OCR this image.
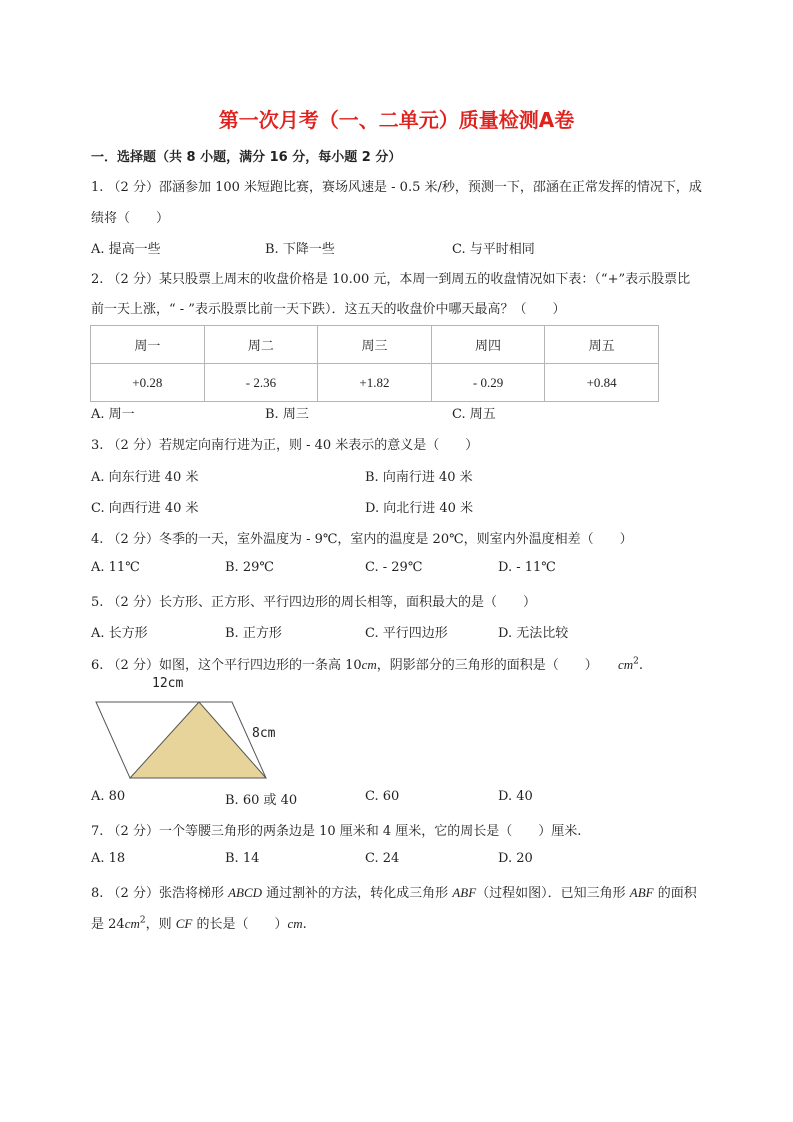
第一次月考（一、二单元）质量检测A卷
一．选择题（共 8 小题，满分 16 分，每小题 2 分）
1. （2 分）邵涵参加 100 米短跑比赛，赛场风速是 - 0.5 米/秒，预测一下，邵涵在正常发挥的情况下，成
绩将（　　）
A. 提高一些	B. 下降一些	C. 与平时相同
2. （2 分）某只股票上周末的收盘价格是 10.00 元，本周一到周五的收盘情况如下表：（“+”表示股票比
前一天上涨，“ - ”表示股票比前一天下跌）．这五天的收盘价中哪天最高？（　　）
周一	周二	周三	周四	周五
+0.28	- 2.36	+1.82	- 0.29	+0.84
A. 周一	B. 周三	C. 周五
3. （2 分）若规定向南行进为正，则 - 40 米表示的意义是（　　）
A. 向东行进 40 米	B. 向南行进 40 米
C. 向西行进 40 米	D. 向北行进 40 米
4. （2 分）冬季的一天，室外温度为 - 9℃，室内的温度是 20℃，则室内外温度相差（　　）
A. 11℃	B. 29℃	C. - 29℃	D. - 11℃
5. （2 分）长方形、正方形、平行四边形的周长相等，面积最大的是（　　）
A. 长方形	B. 正方形	C. 平行四边形	D. 无法比较
6. （2 分）如图，这个平行四边形的一条高 10cm，阴影部分的三角形的面积是（　　） $cm^2$.
12cm
8cm
A. 80	B. 60 或 40	C. 60	D. 40
7. （2 分）一个等腰三角形的两条边是 10 厘米和 4 厘米，它的周长是（　　）厘米.
A. 18	B. 14	C. 24	D. 20
8. （2 分）张浩将梯形 ABCD 通过割补的方法，转化成三角形 ABF（过程如图）．已知三角形 ABF 的面积
是 $24cm^2$，则 CF 的长是（　　）cm.
